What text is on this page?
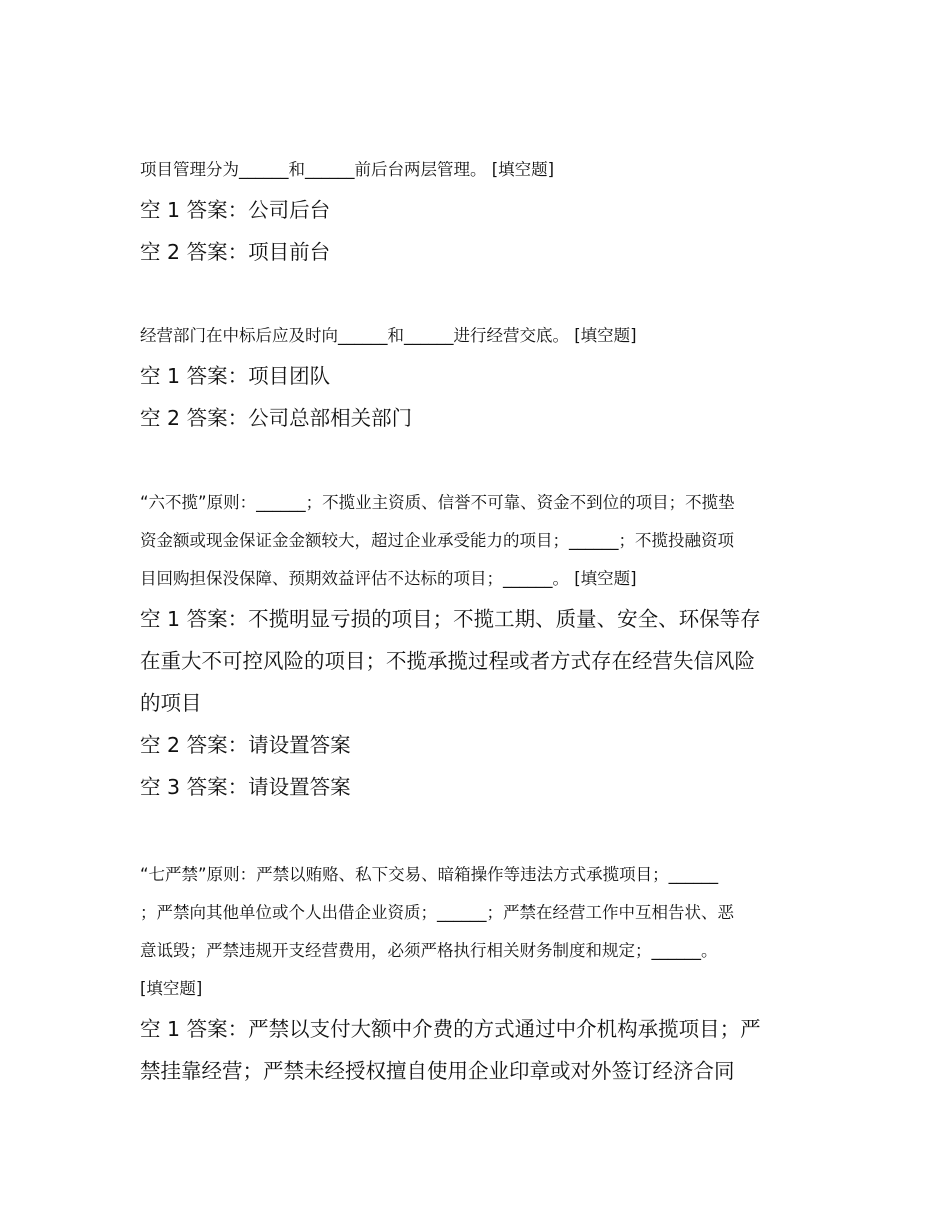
项目管理分为______和______前后台两层管理。 [填空题]
空 1 答案：公司后台
空 2 答案：项目前台
经营部门在中标后应及时向______和______进行经营交底。 [填空题]
空 1 答案：项目团队
空 2 答案：公司总部相关部门
“六不揽”原则：______；不揽业主资质、信誉不可靠、资金不到位的项目；不揽垫
资金额或现金保证金金额较大，超过企业承受能力的项目；______；不揽投融资项
目回购担保没保障、预期效益评估不达标的项目；______。 [填空题]
空 1 答案：不揽明显亏损的项目；不揽工期、质量、安全、环保等存
在重大不可控风险的项目；不揽承揽过程或者方式存在经营失信风险
的项目
空 2 答案：请设置答案
空 3 答案：请设置答案
“七严禁”原则：严禁以贿赂、私下交易、暗箱操作等违法方式承揽项目；______
；严禁向其他单位或个人出借企业资质；______；严禁在经营工作中互相告状、恶
意诋毁；严禁违规开支经营费用，必须严格执行相关财务制度和规定；______。
[填空题]
空 1 答案：严禁以支付大额中介费的方式通过中介机构承揽项目；严
禁挂靠经营；严禁未经授权擅自使用企业印章或对外签订经济合同
